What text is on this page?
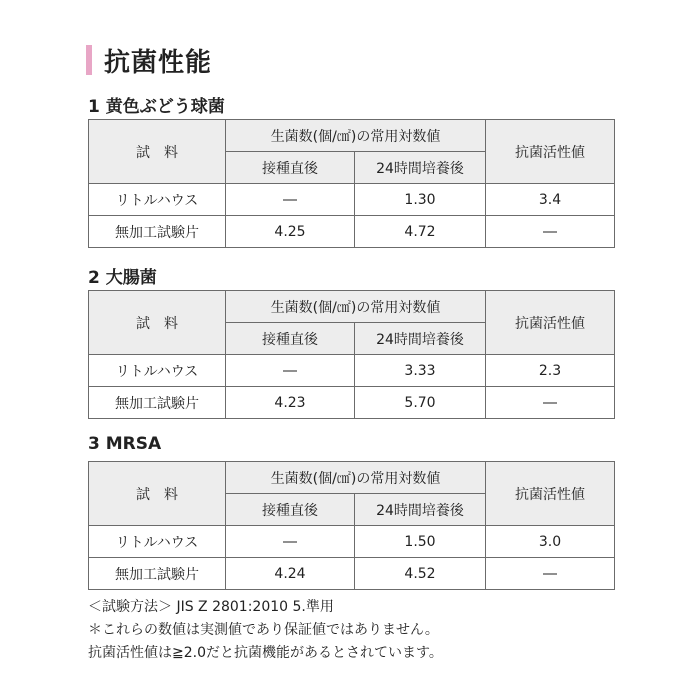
抗菌性能
1 黄色ぶどう球菌
試　料	生菌数(個/㎠)の常用対数値		抗菌活性値
	接種直後	24時間培養後	
リトルハウス	―	1.30	3.4
無加工試験片	4.25	4.72	―
2 大腸菌
試　料	生菌数(個/㎠)の常用対数値		抗菌活性値
	接種直後	24時間培養後	
リトルハウス	―	3.33	2.3
無加工試験片	4.23	5.70	―
3 MRSA
試　料	生菌数(個/㎠)の常用対数値		抗菌活性値
	接種直後	24時間培養後	
リトルハウス	―	1.50	3.0
無加工試験片	4.24	4.52	―
＜試験方法＞ JIS Z 2801:2010 5.準用
＊これらの数値は実測値であり保証値ではありません。
抗菌活性値は≧2.0だと抗菌機能があるとされています。
